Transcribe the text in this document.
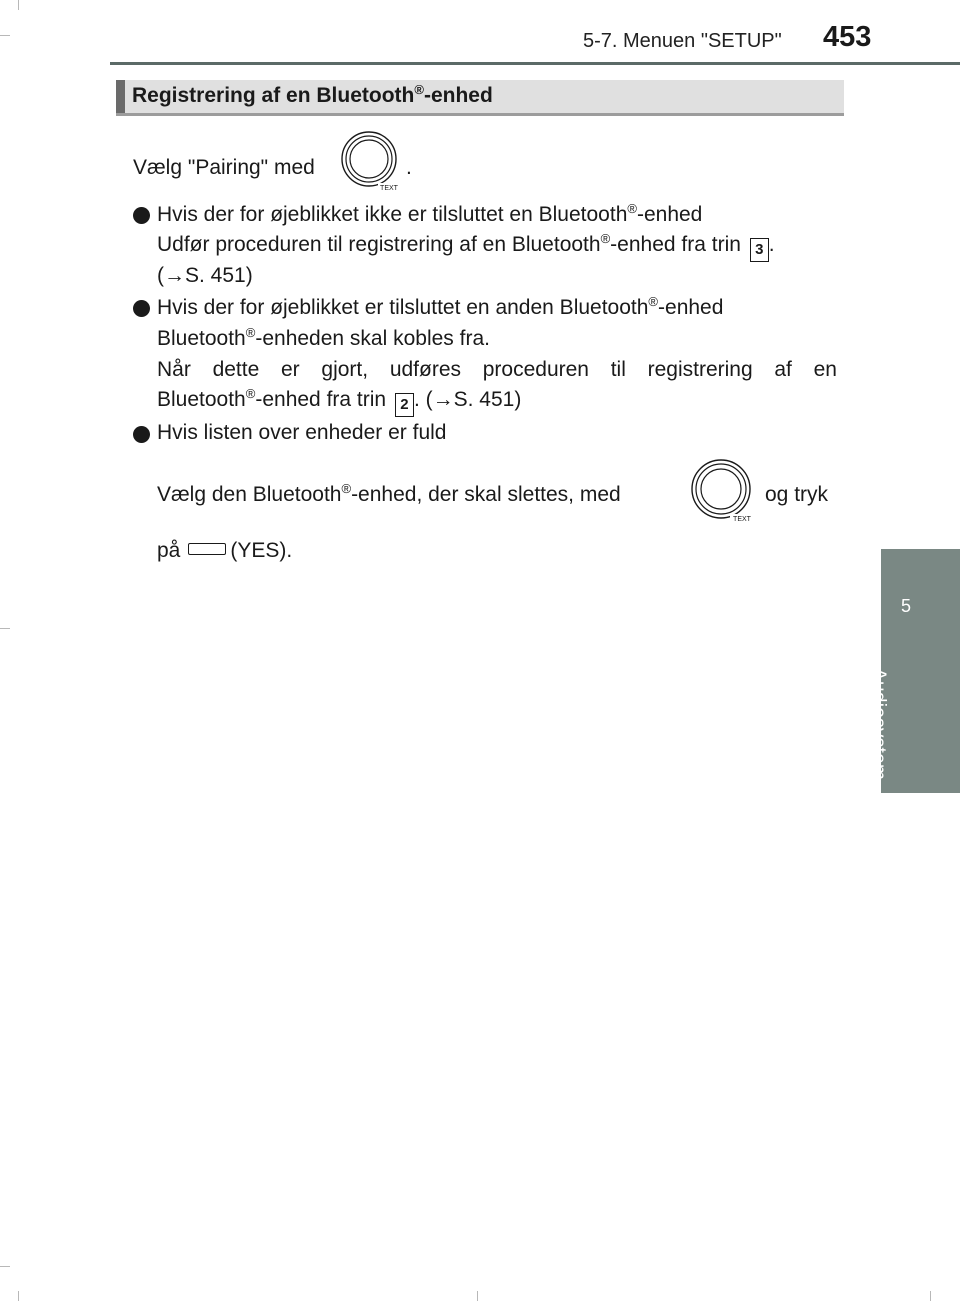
5-7. Menuen "SETUP" 453
5
Audiosystem
Registrering af en Bluetooth®-enhed
Vælg "Pairing" med
TEXT
.
Hvis der for øjeblikket ikke er tilsluttet en Bluetooth®-enhed
Udfør proceduren til registrering af en Bluetooth®-enhed fra trin 3 .
(→S. 451)
Hvis der for øjeblikket er tilsluttet en anden Bluetooth®-enhed
Bluetooth®-enheden skal kobles fra.
Når dette er gjort, udføres proceduren til registrering af en
Bluetooth®-enhed fra trin 2 . (→S. 451)
Hvis listen over enheder er fuld
Vælg den Bluetooth®-enhed, der skal slettes, med
TEXT
og tryk
på (YES).
